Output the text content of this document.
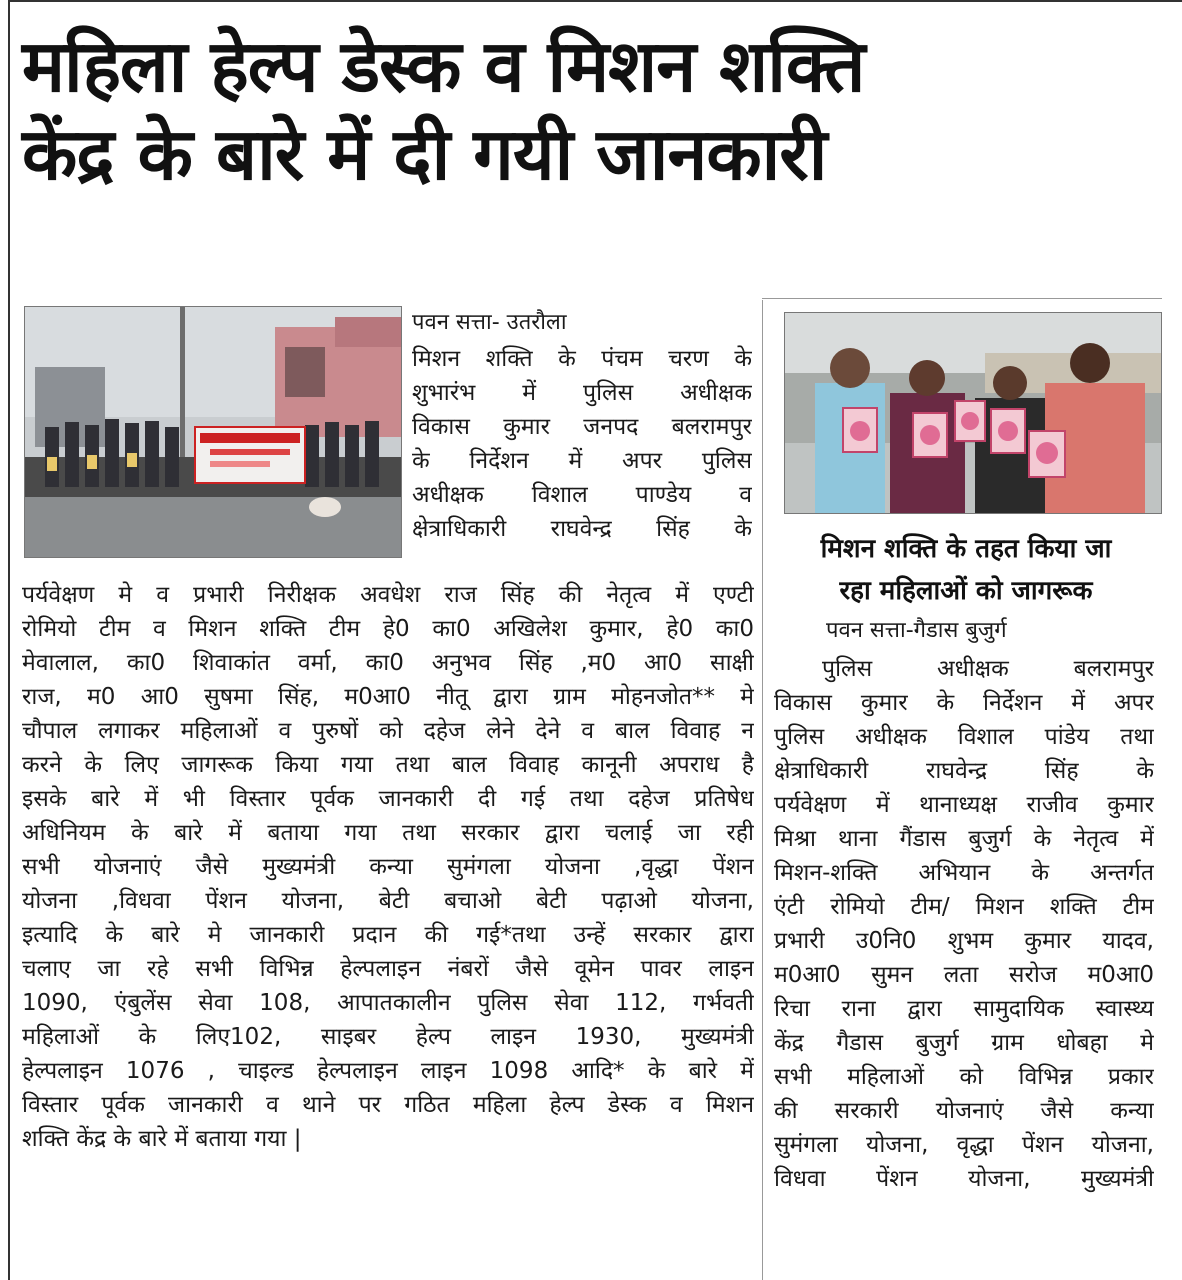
महिला हेल्प डेस्क व मिशन शक्ति
केंद्र के बारे में दी गयी जानकारी
पवन सत्ता- उतरौला
मिशन शक्ति के पंचम चरण के
शुभारंभ में पुलिस अधीक्षक
विकास कुमार जनपद बलरामपुर
के निर्देशन में अपर पुलिस
अधीक्षक विशाल पाण्डेय व
क्षेत्राधिकारी राघवेन्द्र सिंह के
पर्यवेक्षण मे व प्रभारी निरीक्षक अवधेश राज सिंह की नेतृत्व में एण्टी
रोमियो टीम व मिशन शक्ति टीम हे0 का0 अखिलेश कुमार, हे0 का0
मेवालाल, का0 शिवाकांत वर्मा, का0 अनुभव सिंह ,म0 आ0 साक्षी
राज, म0 आ0 सुषमा सिंह, म0आ0 नीतू द्वारा ग्राम मोहनजोत** मे
चौपाल लगाकर महिलाओं व पुरुषों को दहेज लेने देने व बाल विवाह न
करने के लिए जागरूक किया गया तथा बाल विवाह कानूनी अपराध है
इसके बारे में भी विस्तार पूर्वक जानकारी दी गई तथा दहेज प्रतिषेध
अधिनियम के बारे में बताया गया तथा सरकार द्वारा चलाई जा रही
सभी योजनाएं जैसे मुख्यमंत्री कन्या सुमंगला योजना ,वृद्धा पेंशन
योजना ,विधवा पेंशन योजना, बेटी बचाओ बेटी पढ़ाओ योजना,
इत्यादि के बारे मे जानकारी प्रदान की गई*तथा उन्हें सरकार द्वारा
चलाए जा रहे सभी विभिन्न हेल्पलाइन नंबरों जैसे वूमेन पावर लाइन
1090, एंबुलेंस सेवा 108, आपातकालीन पुलिस सेवा 112, गर्भवती
महिलाओं के लिए102, साइबर हेल्प लाइन 1930, मुख्यमंत्री
हेल्पलाइन 1076 , चाइल्ड हेल्पलाइन लाइन 1098 आदि* के बारे में
विस्तार पूर्वक जानकारी व थाने पर गठित महिला हेल्प डेस्क व मिशन
शक्ति केंद्र के बारे में बताया गया |
मिशन शक्ति के तहत किया जा
रहा महिलाओं को जागरूक
पवन सत्ता-गैडास बुजुर्ग
पुलिस अधीक्षक बलरामपुर
विकास कुमार के निर्देशन में अपर
पुलिस अधीक्षक विशाल पांडेय तथा
क्षेत्राधिकारी राघवेन्द्र सिंह के
पर्यवेक्षण में थानाध्यक्ष राजीव कुमार
मिश्रा थाना गैंडास बुजुर्ग के नेतृत्व में
मिशन-शक्ति अभियान के अन्तर्गत
एंटी रोमियो टीम/ मिशन शक्ति टीम
प्रभारी उ0नि0 शुभम कुमार यादव,
म0आ0 सुमन लता सरोज म0आ0
रिचा राना द्वारा सामुदायिक स्वास्थ्य
केंद्र गैडास बुजुर्ग ग्राम धोबहा मे
सभी महिलाओं को विभिन्न प्रकार
की सरकारी योजनाएं जैसे कन्या
सुमंगला योजना, वृद्धा पेंशन योजना,
विधवा पेंशन योजना, मुख्यमंत्री
